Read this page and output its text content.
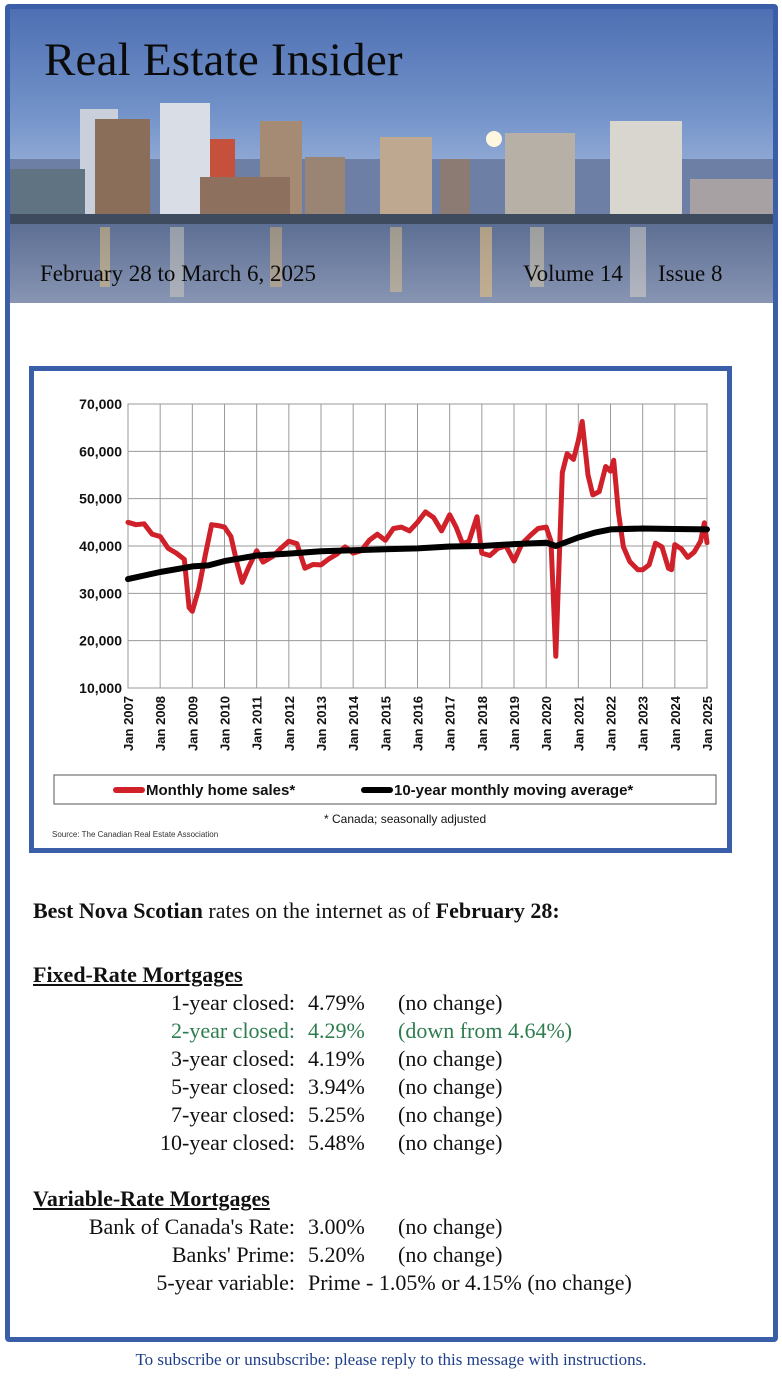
Real Estate Insider
February 28 to March 6, 2025	Volume 14 Issue 8
70,000
60,000
50,000
40,000
30,000
20,000
10,000
Jan 2007 Jan 2008 Jan 2009 Jan 2010 Jan 2011 Jan 2012 Jan 2013 Jan 2014 Jan 2015 Jan 2016 Jan 2017 Jan 2018 Jan 2019 Jan 2020 Jan 2021 Jan 2022 Jan 2023 Jan 2024 Jan 2025
Monthly home sales*	10-year monthly moving average*
* Canada; seasonally adjusted
Source: The Canadian Real Estate Association
Best Nova Scotian rates on the internet as of February 28:
Fixed-Rate Mortgages
1-year closed: 4.79% (no change)
2-year closed: 4.29% (down from 4.64%)
3-year closed: 4.19% (no change)
5-year closed: 3.94% (no change)
7-year closed: 5.25% (no change)
10-year closed: 5.48% (no change)
Variable-Rate Mortgages
Bank of Canada's Rate: 3.00% (no change)
Banks' Prime: 5.20% (no change)
5-year variable: Prime - 1.05% or 4.15% (no change)
To subscribe or unsubscribe: please reply to this message with instructions.
